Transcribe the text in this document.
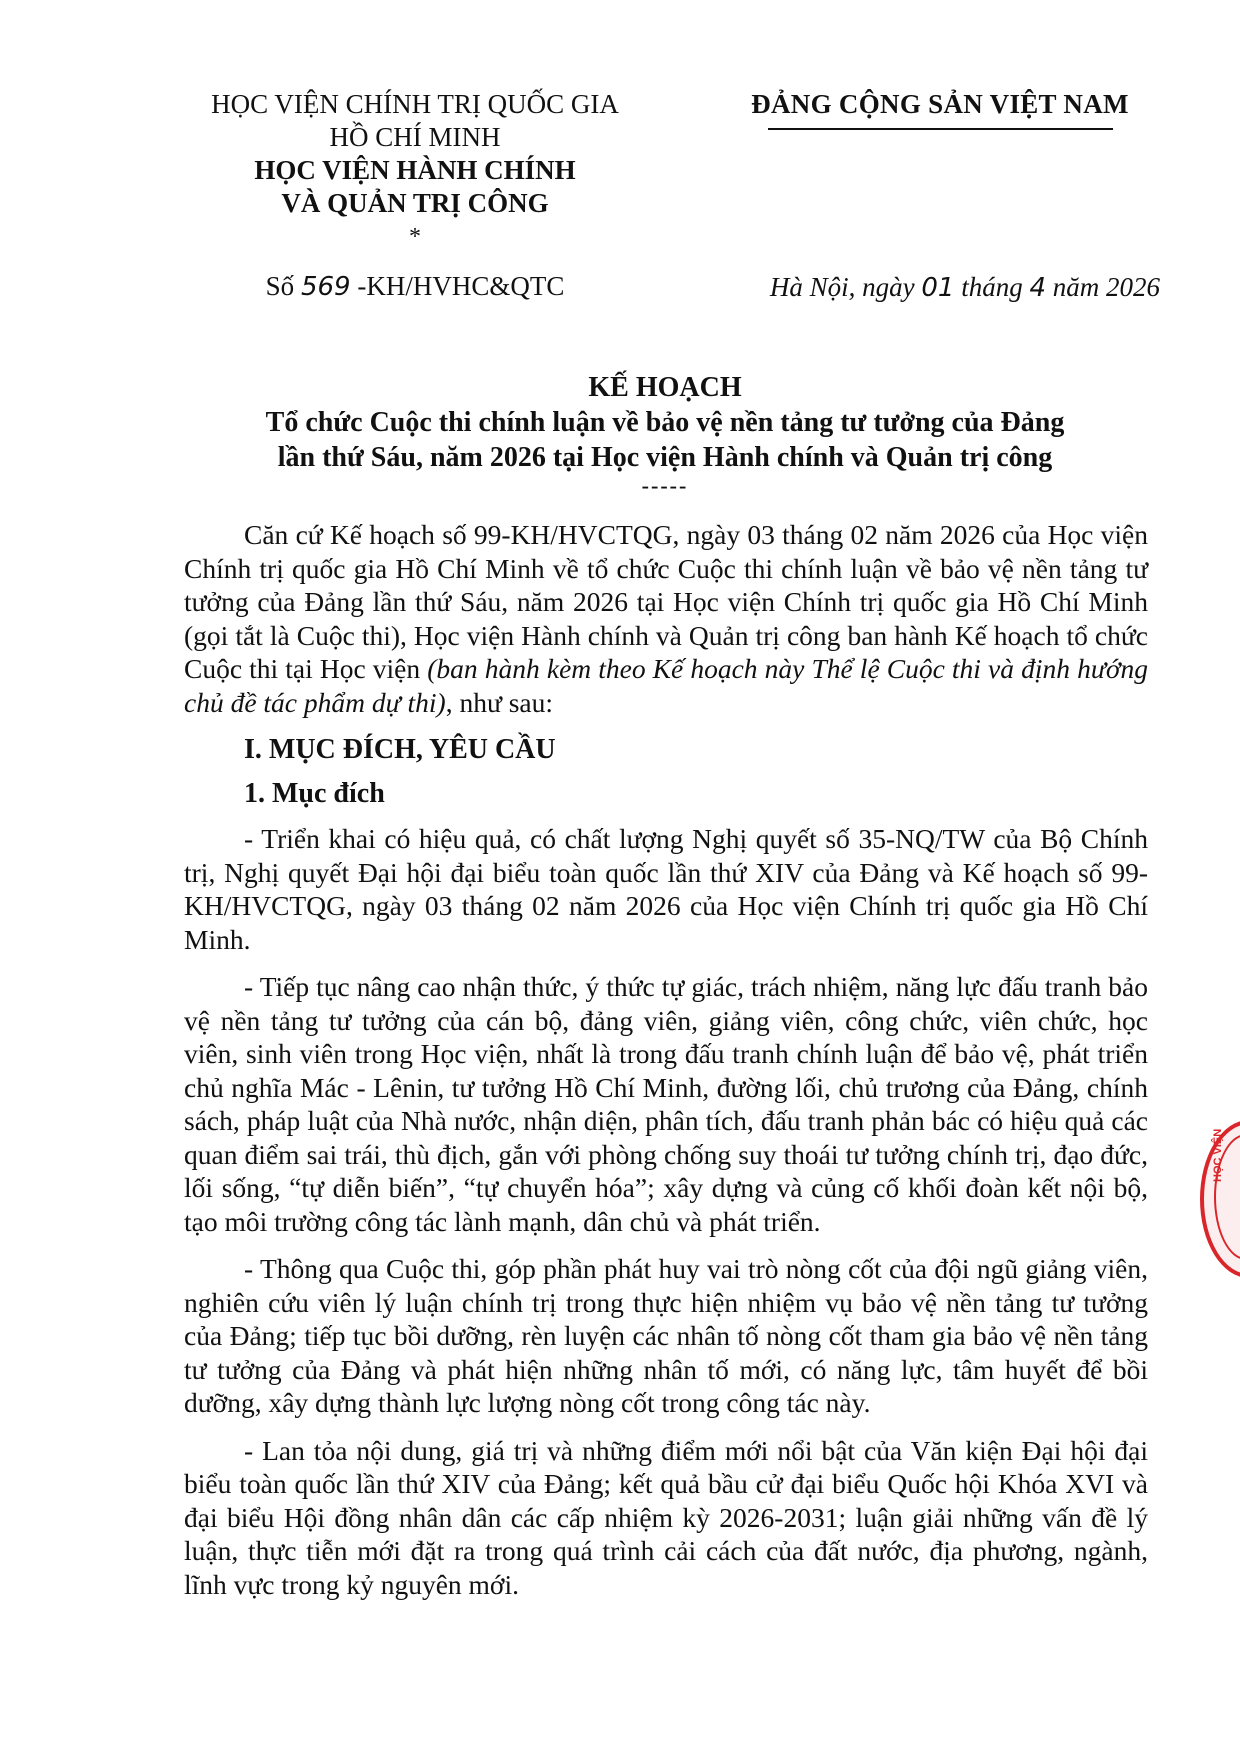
HỌC VIỆN CHÍNH TRỊ QUỐC GIA
HỒ CHÍ MINH
HỌC VIỆN HÀNH CHÍNH
VÀ QUẢN TRỊ CÔNG
*
Số 569 -KH/HVHC&QTC
ĐẢNG CỘNG SẢN VIỆT NAM
Hà Nội, ngày 01 tháng 4 năm 2026
KẾ HOẠCH
Tổ chức Cuộc thi chính luận về bảo vệ nền tảng tư tưởng của Đảng
lần thứ Sáu, năm 2026 tại Học viện Hành chính và Quản trị công
-----

Căn cứ Kế hoạch số 99-KH/HVCTQG, ngày 03 tháng 02 năm 2026 của Học viện Chính trị quốc gia Hồ Chí Minh về tổ chức Cuộc thi chính luận về bảo vệ nền tảng tư tưởng của Đảng lần thứ Sáu, năm 2026 tại Học viện Chính trị quốc gia Hồ Chí Minh (gọi tắt là Cuộc thi), Học viện Hành chính và Quản trị công ban hành Kế hoạch tổ chức Cuộc thi tại Học viện (ban hành kèm theo Kế hoạch này Thể lệ Cuộc thi và định hướng chủ đề tác phẩm dự thi), như sau:

I. MỤC ĐÍCH, YÊU CẦU
1. Mục đích

- Triển khai có hiệu quả, có chất lượng Nghị quyết số 35-NQ/TW của Bộ Chính trị, Nghị quyết Đại hội đại biểu toàn quốc lần thứ XIV của Đảng và Kế hoạch số 99-KH/HVCTQG, ngày 03 tháng 02 năm 2026 của Học viện Chính trị quốc gia Hồ Chí Minh.

- Tiếp tục nâng cao nhận thức, ý thức tự giác, trách nhiệm, năng lực đấu tranh bảo vệ nền tảng tư tưởng của cán bộ, đảng viên, giảng viên, công chức, viên chức, học viên, sinh viên trong Học viện, nhất là trong đấu tranh chính luận để bảo vệ, phát triển chủ nghĩa Mác - Lênin, tư tưởng Hồ Chí Minh, đường lối, chủ trương của Đảng, chính sách, pháp luật của Nhà nước, nhận diện, phân tích, đấu tranh phản bác có hiệu quả các quan điểm sai trái, thù địch, gắn với phòng chống suy thoái tư tưởng chính trị, đạo đức, lối sống, “tự diễn biến”, “tự chuyển hóa”; xây dựng và củng cố khối đoàn kết nội bộ, tạo môi trường công tác lành mạnh, dân chủ và phát triển.

- Thông qua Cuộc thi, góp phần phát huy vai trò nòng cốt của đội ngũ giảng viên, nghiên cứu viên lý luận chính trị trong thực hiện nhiệm vụ bảo vệ nền tảng tư tưởng của Đảng; tiếp tục bồi dưỡng, rèn luyện các nhân tố nòng cốt tham gia bảo vệ nền tảng tư tưởng của Đảng và phát hiện những nhân tố mới, có năng lực, tâm huyết để bồi dưỡng, xây dựng thành lực lượng nòng cốt trong công tác này.

- Lan tỏa nội dung, giá trị và những điểm mới nổi bật của Văn kiện Đại hội đại biểu toàn quốc lần thứ XIV của Đảng; kết quả bầu cử đại biểu Quốc hội Khóa XVI và đại biểu Hội đồng nhân dân các cấp nhiệm kỳ 2026-2031; luận giải những vấn đề lý luận, thực tiễn mới đặt ra trong quá trình cải cách của đất nước, địa phương, ngành, lĩnh vực trong kỷ nguyên mới.

HỌC VIỆN
